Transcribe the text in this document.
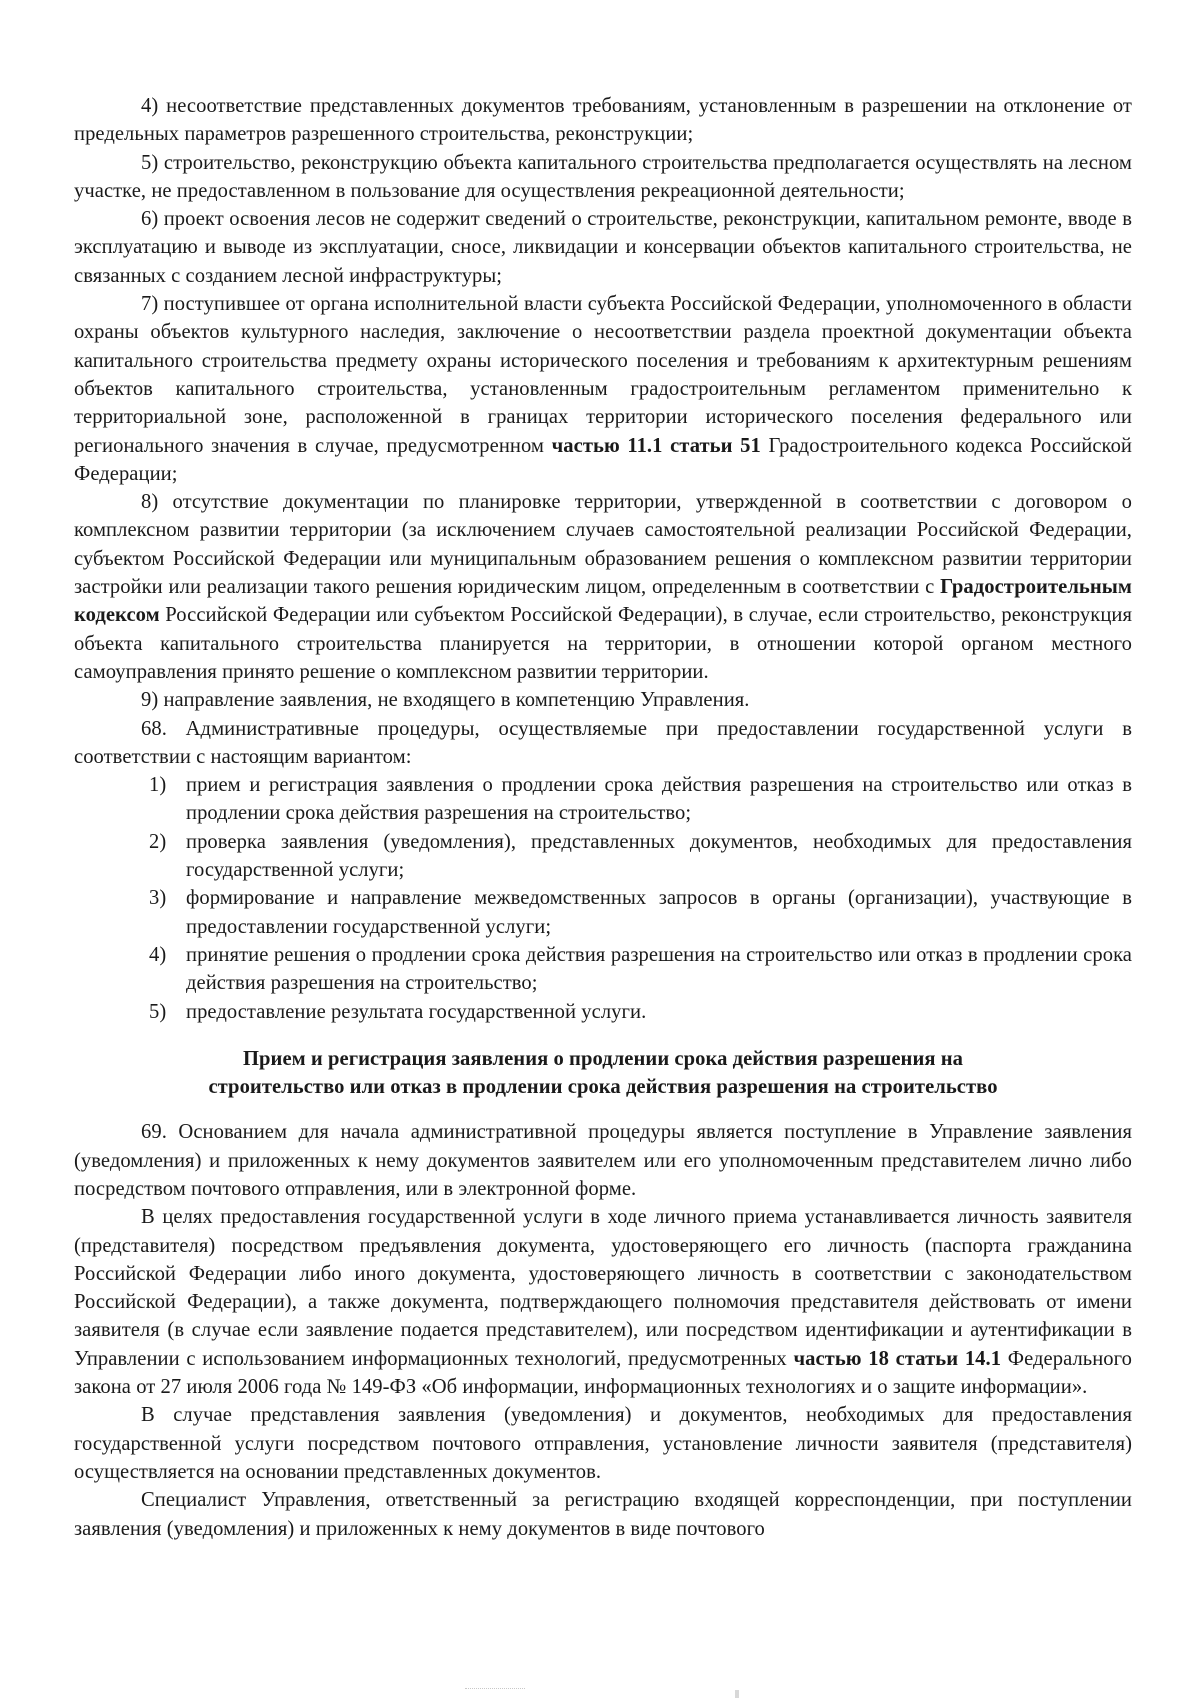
4) несоответствие представленных документов требованиям, установленным в разрешении на отклонение от предельных параметров разрешенного строительства, реконструкции;

5) строительство, реконструкцию объекта капитального строительства предполагается осуществлять на лесном участке, не предоставленном в пользование для осуществления рекреационной деятельности;

6) проект освоения лесов не содержит сведений о строительстве, реконструкции, капитальном ремонте, вводе в эксплуатацию и выводе из эксплуатации, сносе, ликвидации и консервации объектов капитального строительства, не связанных с созданием лесной инфраструктуры;

7) поступившее от органа исполнительной власти субъекта Российской Федерации, уполномоченного в области охраны объектов культурного наследия, заключение о несоответствии раздела проектной документации объекта капитального строительства предмету охраны исторического поселения и требованиям к архитектурным решениям объектов капитального строительства, установленным градостроительным регламентом применительно к территориальной зоне, расположенной в границах территории исторического поселения федерального или регионального значения в случае, предусмотренном частью 11.1 статьи 51 Градостроительного кодекса Российской Федерации;

8) отсутствие документации по планировке территории, утвержденной в соответствии с договором о комплексном развитии территории (за исключением случаев самостоятельной реализации Российской Федерации, субъектом Российской Федерации или муниципальным образованием решения о комплексном развитии территории застройки или реализации такого решения юридическим лицом, определенным в соответствии с Градостроительным кодексом Российской Федерации или субъектом Российской Федерации), в случае, если строительство, реконструкция объекта капитального строительства планируется на территории, в отношении которой органом местного самоуправления принято решение о комплексном развитии территории.

9) направление заявления, не входящего в компетенцию Управления.

68. Административные процедуры, осуществляемые при предоставлении государственной услуги в соответствии с настоящим вариантом:

1) прием и регистрация заявления о продлении срока действия разрешения на строительство или отказ в продлении срока действия разрешения на строительство;
2) проверка заявления (уведомления), представленных документов, необходимых для предоставления государственной услуги;
3) формирование и направление межведомственных запросов в органы (организации), участвующие в предоставлении государственной услуги;
4) принятие решения о продлении срока действия разрешения на строительство или отказ в продлении срока действия разрешения на строительство;
5) предоставление результата государственной услуги.
Прием и регистрация заявления о продлении срока действия разрешения на
строительство или отказ в продлении срока действия разрешения на строительство

69. Основанием для начала административной процедуры является поступление в Управление заявления (уведомления) и приложенных к нему документов заявителем или его уполномоченным представителем лично либо посредством почтового отправления, или в электронной форме.

В целях предоставления государственной услуги в ходе личного приема устанавливается личность заявителя (представителя) посредством предъявления документа, удостоверяющего его личность (паспорта гражданина Российской Федерации либо иного документа, удостоверяющего личность в соответствии с законодательством Российской Федерации), а также документа, подтверждающего полномочия представителя действовать от имени заявителя (в случае если заявление подается представителем), или посредством идентификации и аутентификации в Управлении с использованием информационных технологий, предусмотренных частью 18 статьи 14.1 Федерального закона от 27 июля 2006 года № 149-ФЗ «Об информации, информационных технологиях и о защите информации».

В случае представления заявления (уведомления) и документов, необходимых для предоставления государственной услуги посредством почтового отправления, установление личности заявителя (представителя) осуществляется на основании представленных документов.

Специалист Управления, ответственный за регистрацию входящей корреспонденции, при поступлении заявления (уведомления) и приложенных к нему документов в виде почтового
